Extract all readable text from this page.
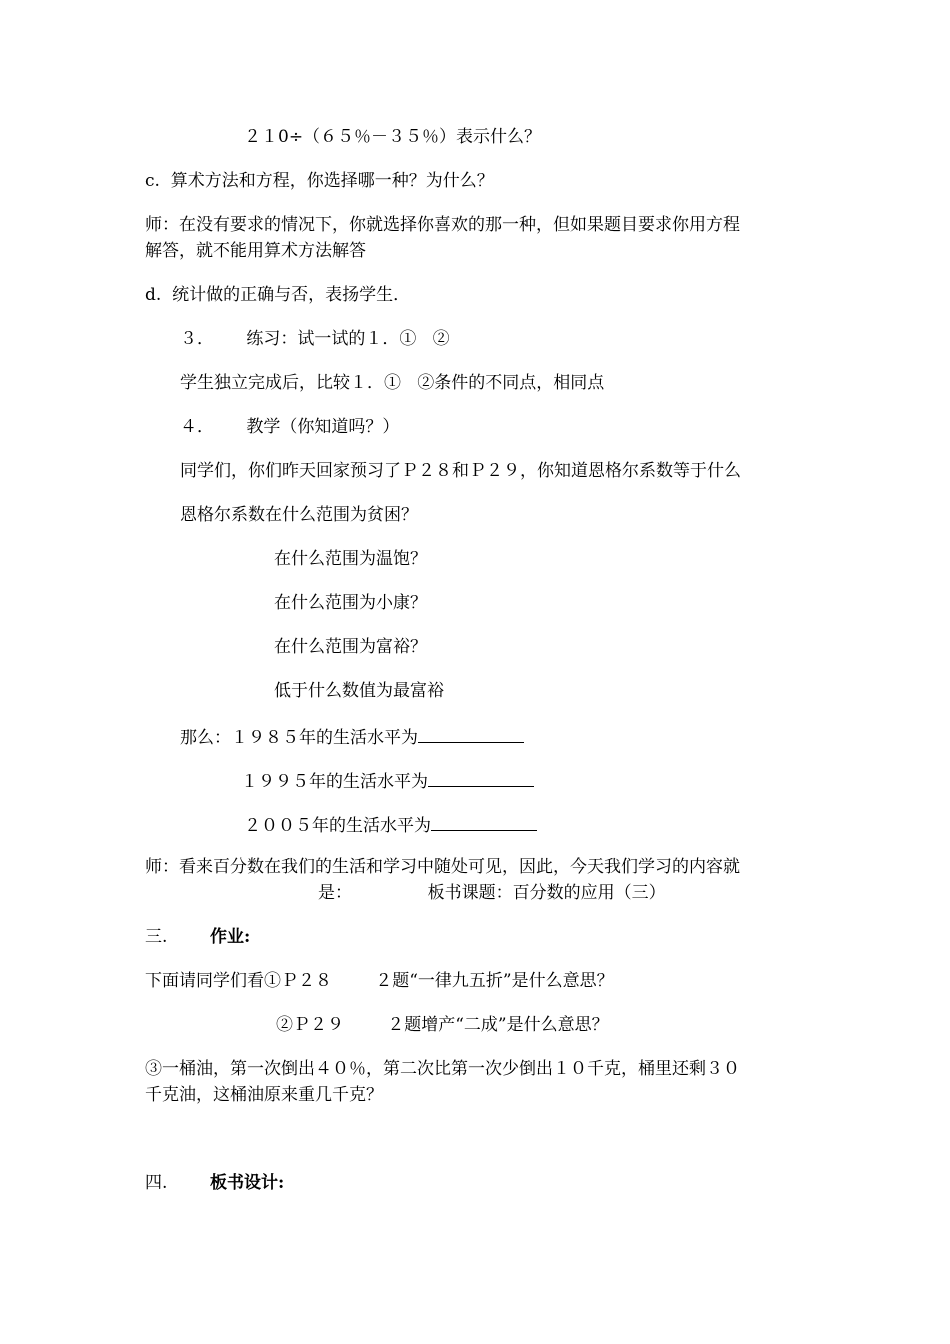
２１0÷（６５％－３５％）表示什么？
c.  算术方法和方程，你选择哪一种？为什么？
师：在没有要求的情况下，你就选择你喜欢的那一种，但如果题目要求你用方程
解答，就不能用算术方法解答
d.  统计做的正确与否，表扬学生．
３．      练习：试一试的１．①   ②
学生独立完成后，比较１．①   ②条件的不同点，相同点
４．      教学（你知道吗？）
同学们，你们昨天回家预习了Ｐ２８和Ｐ２９，你知道恩格尔系数等于什么
恩格尔系数在什么范围为贫困？
在什么范围为温饱？
在什么范围为小康？
在什么范围为富裕？
低于什么数值为最富裕
那么：１９８５年的生活水平为
１９９５年的生活水平为
２００５年的生活水平为
师：看来百分数在我们的生活和学习中随处可见，因此，今天我们学习的内容就
是：              板书课题：百分数的应用（三）
三.	作业:
下面请同学们看①Ｐ２８        ２题“一律九五折”是什么意思？
②Ｐ２９        ２题增产“二成”是什么意思？
③一桶油，第一次倒出４０％，第二次比第一次少倒出１０千克，桶里还剩３０
千克油，这桶油原来重几千克？
四.	板书设计:
